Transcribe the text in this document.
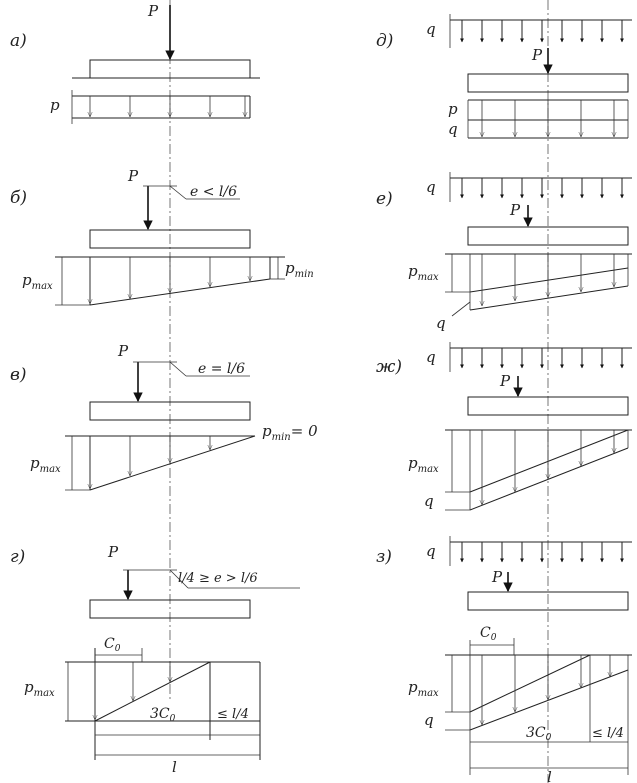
а)
P
p
б)
P
e < l/6
$p_{max}$
$p_{min}$
в)
P
e = l/6
$p_{max}$
$p_{min}= 0$
г)	P
l/4 ≥ e > l/6
$p_{max}$
$C_0$
$3C_0$	≤ l/4
l
д)
q
P
p
q
е)
q
P
$p_{max}$
q
ж) q
P
$p_{max}$
q
з) q
P
$C_0$
$p_{max}$
q
$3C_0$	≤ l/4
l
